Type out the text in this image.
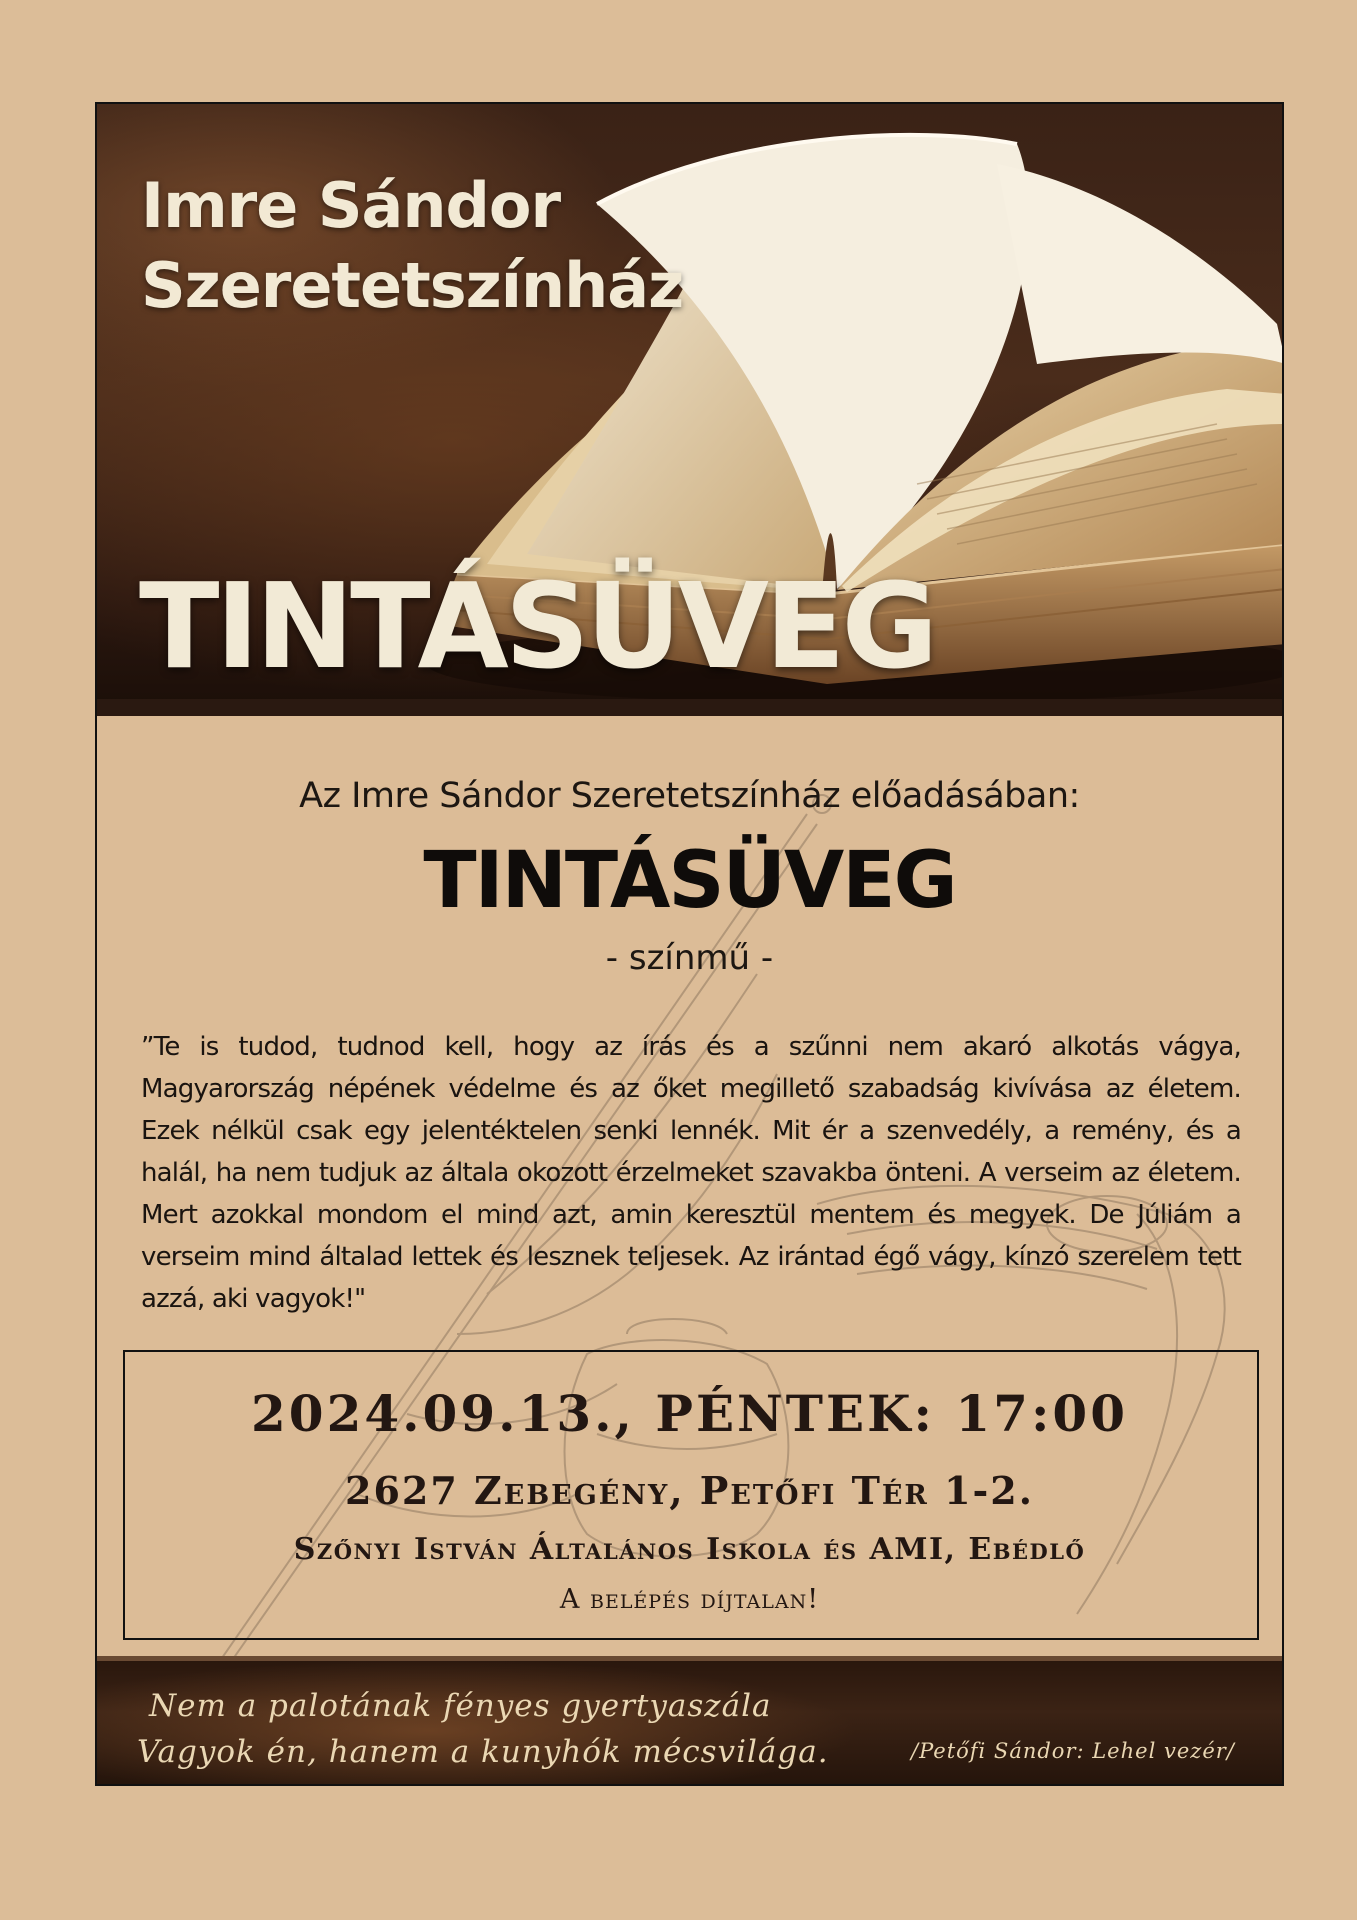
Imre Sándor
Szeretetszínház
TINTÁSÜVEG
Az Imre Sándor Szeretetszínház előadásában:
TINTÁSÜVEG
- színmű -
”Te is tudod, tudnod kell, hogy az írás és a szűnni nem akaró alkotás vágya, Magyarország népének védelme és az őket megillető szabadság kivívása az életem. Ezek nélkül csak egy jelentéktelen senki lennék. Mit ér a szenvedély, a remény, és a halál, ha nem tudjuk az általa okozott érzelmeket szavakba önteni. A verseim az életem. Mert azokkal mondom el mind azt, amin keresztül mentem és megyek. De Júliám a verseim mind általad lettek és lesznek teljesek. Az irántad égő vágy, kínzó szerelem tett azzá, aki vagyok!"
2024.09.13., PÉNTEK: 17:00
2627 Zebegény, Petőfi Tér 1-2.
Szőnyi István Általános Iskola és AMI, Ebédlő
A belépés díjtalan!
Nem a palotának fényes gyertyaszála
Vagyok én, hanem a kunyhók mécsvilága.	/Petőfi Sándor: Lehel vezér/
